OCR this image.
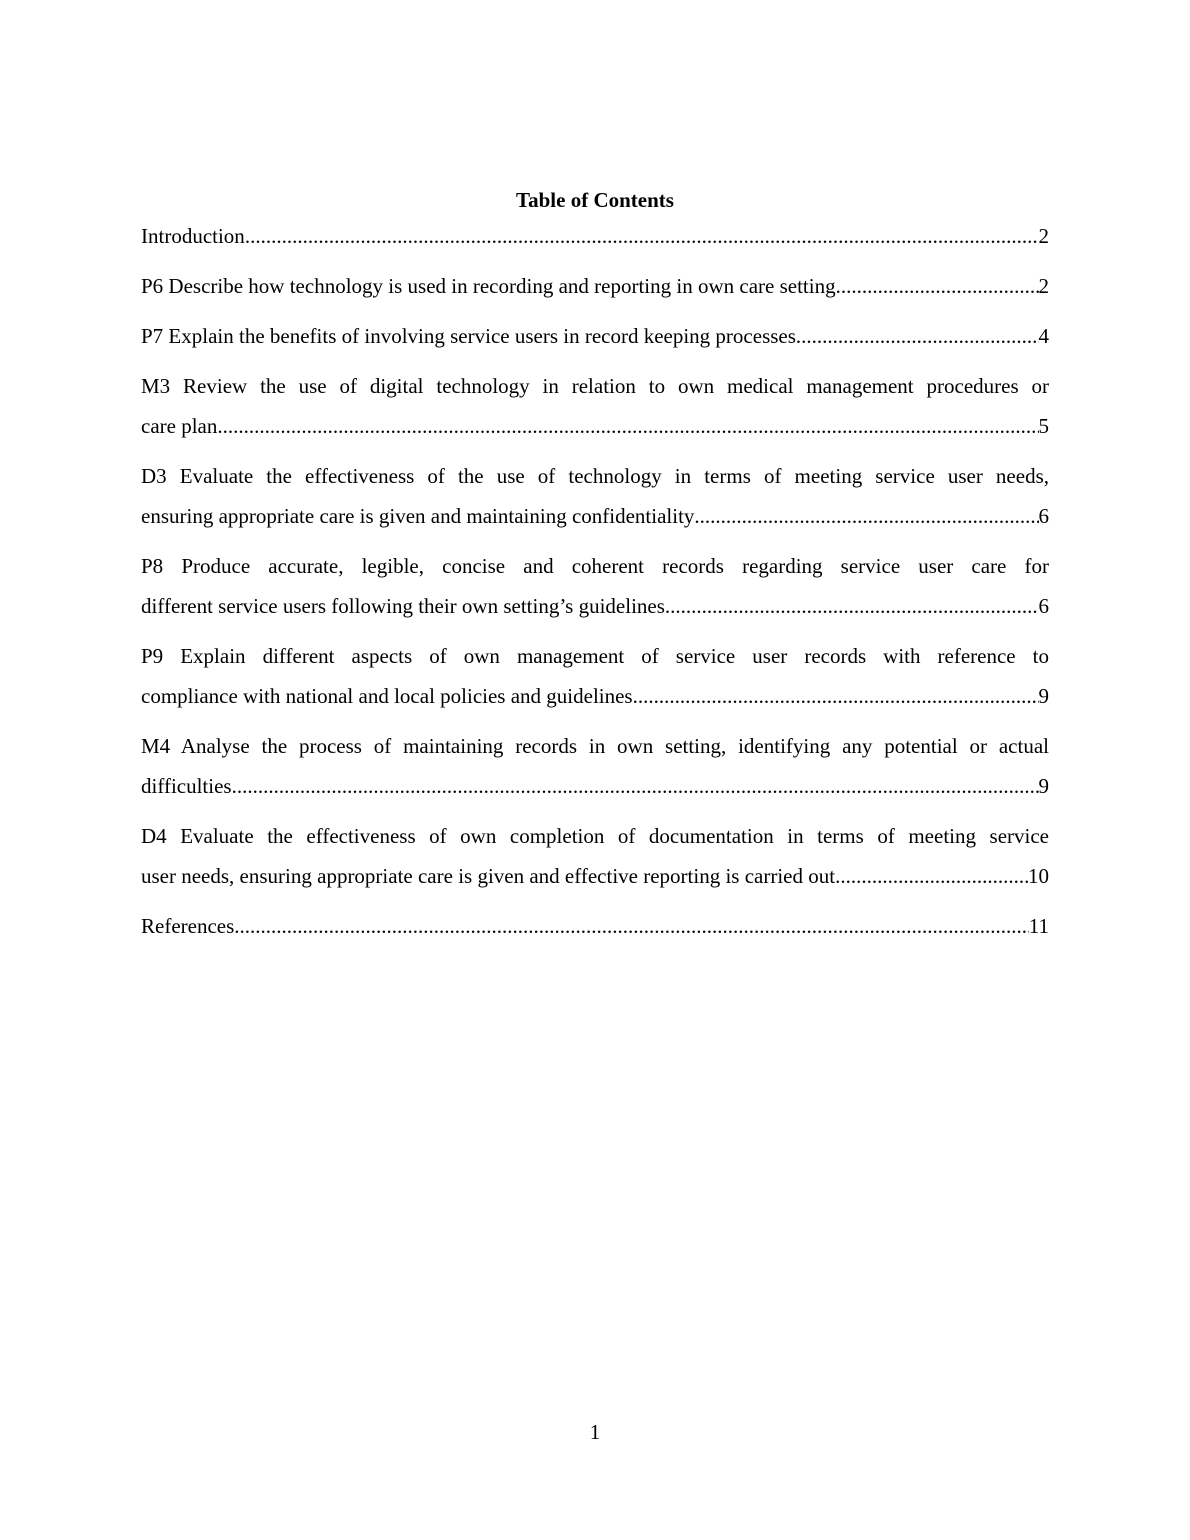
Table of Contents
Introduction .....	2
P6 Describe how technology is used in recording and reporting in own care setting .....	2
P7 Explain the benefits of involving service users in record keeping processes .....	4
M3 Review the use of digital technology in relation to own medical management procedures or
care plan .....	5
D3 Evaluate the effectiveness of the use of technology in terms of meeting service user needs,
ensuring appropriate care is given and maintaining confidentiality .....	6
P8 Produce accurate, legible, concise and coherent records regarding service user care for
different service users following their own setting’s guidelines .....	6
P9 Explain different aspects of own management of service user records with reference to
compliance with national and local policies and guidelines .....	9
M4 Analyse the process of maintaining records in own setting, identifying any potential or actual
difficulties .....	9
D4 Evaluate the effectiveness of own completion of documentation in terms of meeting service
user needs, ensuring appropriate care is given and effective reporting is carried out .....	10
References .....	11
1
